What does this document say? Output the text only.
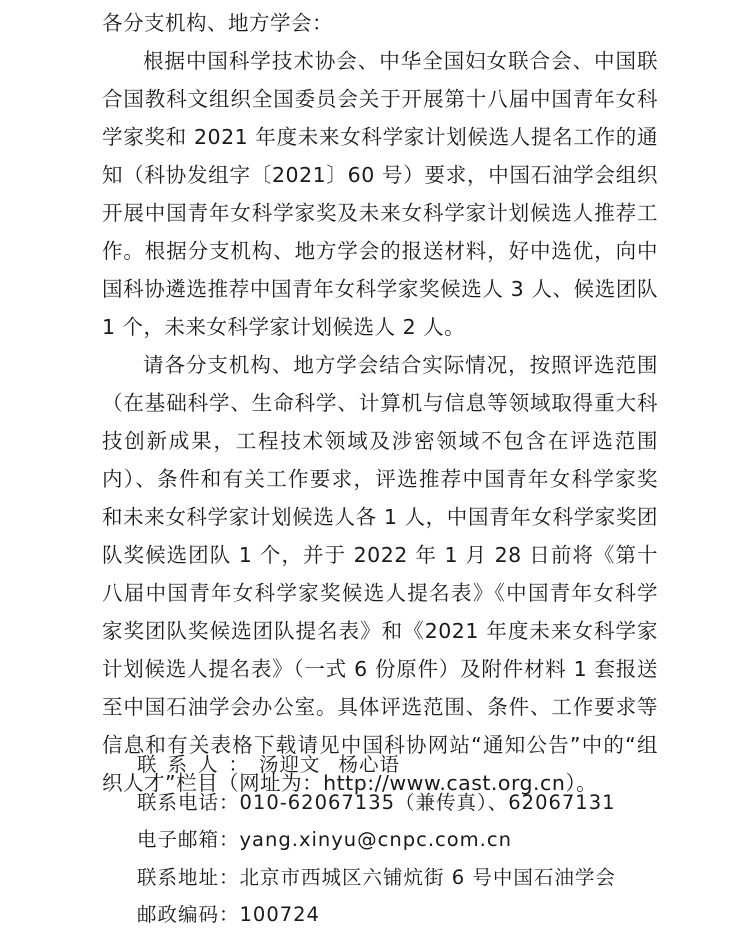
各分支机构、地方学会：

根据中国科学技术协会、中华全国妇女联合会、中国联合国教科文组织全国委员会关于开展第十八届中国青年女科学家奖和 2021 年度未来女科学家计划候选人提名工作的通知（科协发组字〔2021〕60 号）要求，中国石油学会组织开展中国青年女科学家奖及未来女科学家计划候选人推荐工作。根据分支机构、地方学会的报送材料，好中选优，向中国科协遴选推荐中国青年女科学家奖候选人 3 人、候选团队 1 个，未来女科学家计划候选人 2 人。

请各分支机构、地方学会结合实际情况，按照评选范围（在基础科学、生命科学、计算机与信息等领域取得重大科技创新成果，工程技术领域及涉密领域不包含在评选范围内）、条件和有关工作要求，评选推荐中国青年女科学家奖和未来女科学家计划候选人各 1 人，中国青年女科学家奖团队奖候选团队 1 个，并于 2022 年 1 月 28 日前将《第十八届中国青年女科学家奖候选人提名表》《中国青年女科学家奖团队奖候选团队提名表》和《2021 年度未来女科学家计划候选人提名表》（一式 6 份原件）及附件材料 1 套报送至中国石油学会办公室。具体评选范围、条件、工作要求等信息和有关表格下载请见中国科协网站“通知公告”中的“组织人才”栏目（网址为：http://www.cast.org.cn）。

联系人： 汤迎文 杨心语
联系电话： 010-62067135（兼传真）、62067131
电子邮箱： yang.xinyu@cnpc.com.cn
联系地址： 北京市西城区六铺炕街 6 号中国石油学会
邮政编码： 100724
